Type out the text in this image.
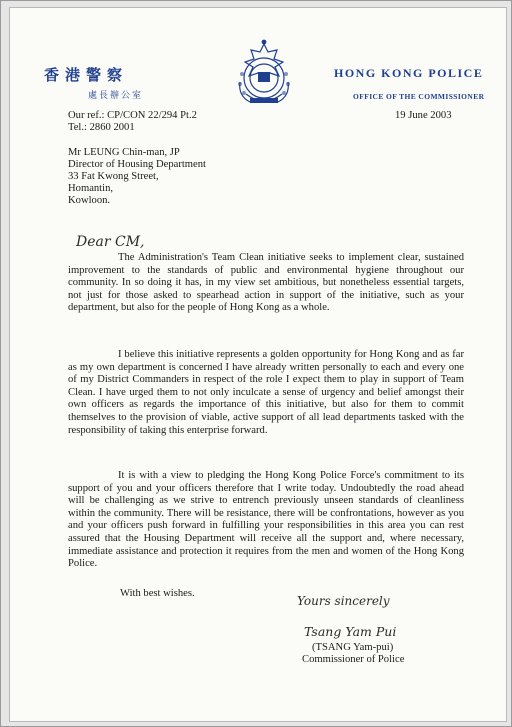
香港警察
處長辦公室
HONG KONG POLICE
OFFICE OF THE COMMISSIONER
Our ref.: CP/CON 22/294 Pt.2
Tel.: 2860 2001
19 June 2003
Mr LEUNG Chin-man, JP
Director of Housing Department
33 Fat Kwong Street,
Homantin,
Kowloon.
Dear CM,
The Administration's Team Clean initiative seeks to implement clear, sustained improvement to the standards of public and environmental hygiene throughout our community. In so doing it has, in my view set ambitious, but nonetheless essential targets, not just for those asked to spearhead action in support of the initiative, such as your department, but also for the people of Hong Kong as a whole.
I believe this initiative represents a golden opportunity for Hong Kong and as far as my own department is concerned I have already written personally to each and every one of my District Commanders in respect of the role I expect them to play in support of Team Clean. I have urged them to not only inculcate a sense of urgency and belief amongst their own officers as regards the importance of this initiative, but also for them to commit themselves to the provision of viable, active support of all lead departments tasked with the responsibility of taking this enterprise forward.
It is with a view to pledging the Hong Kong Police Force's commitment to its support of you and your officers therefore that I write today. Undoubtedly the road ahead will be challenging as we strive to entrench previously unseen standards of cleanliness within the community. There will be resistance, there will be confrontations, however as you and your officers push forward in fulfilling your responsibilities in this area you can rest assured that the Housing Department will receive all the support and, where necessary, immediate assistance and protection it requires from the men and women of the Hong Kong Police.
With best wishes.
Yours sincerely
Tsang Yam Pui
(TSANG Yam-pui)
Commissioner of Police
